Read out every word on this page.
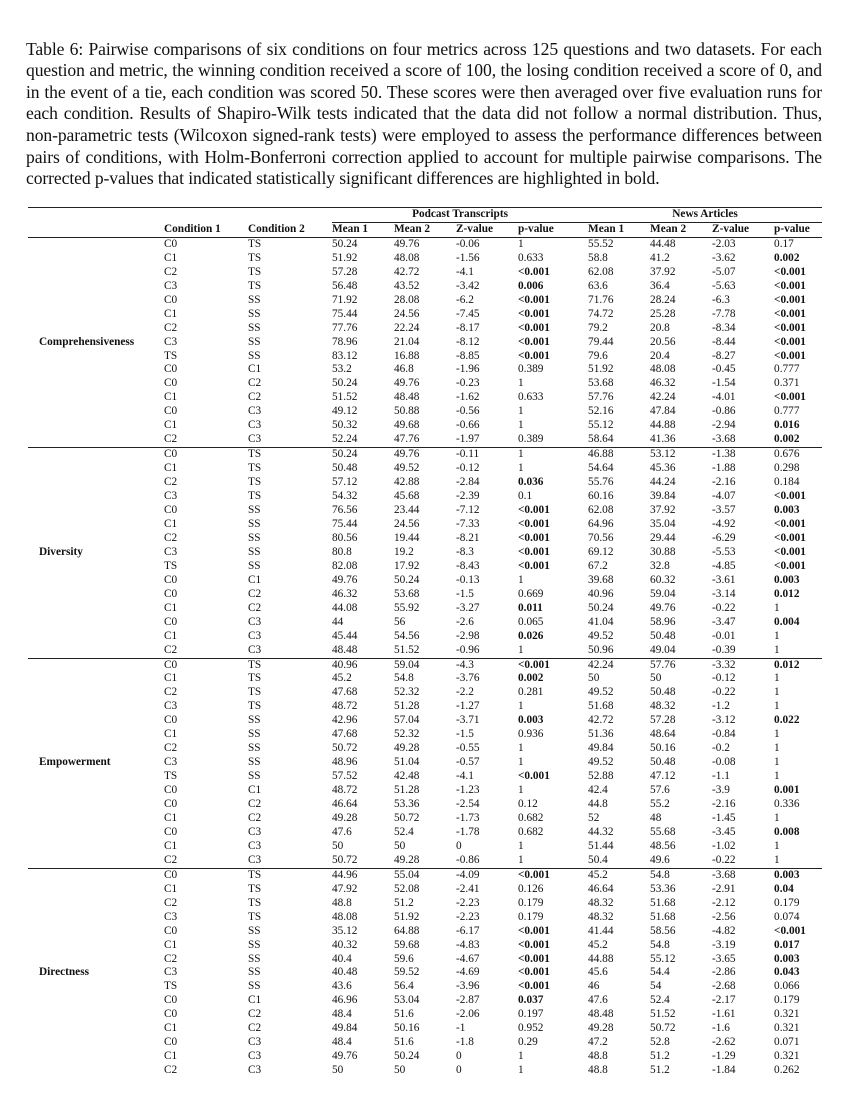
Table 6: Pairwise comparisons of six conditions on four metrics across 125 questions and two datasets. For each question and metric, the winning condition received a score of 100, the losing condition received a score of 0, and in the event of a tie, each condition was scored 50. These scores were then averaged over five evaluation runs for each condition. Results of Shapiro-Wilk tests indicated that the data did not follow a normal distribution. Thus, non-parametric tests (Wilcoxon signed-rank tests) were employed to assess the performance differences between pairs of conditions, with Holm-Bonferroni correction applied to account for multiple pairwise comparisons. The corrected p-values that indicated statistically significant differences are highlighted in bold.

			Podcast Transcripts				News Articles			
	Condition 1	Condition 2	Mean 1	Mean 2	Z-value	p-value	Mean 1	Mean 2	Z-value	p-value
	C0	TS	50.24	49.76	-0.06	1	55.52	44.48	-2.03	0.17
	C1	TS	51.92	48.08	-1.56	0.633	58.8	41.2	-3.62	0.002
	C2	TS	57.28	42.72	-4.1	<0.001	62.08	37.92	-5.07	<0.001
	C3	TS	56.48	43.52	-3.42	0.006	63.6	36.4	-5.63	<0.001
	C0	SS	71.92	28.08	-6.2	<0.001	71.76	28.24	-6.3	<0.001
	C1	SS	75.44	24.56	-7.45	<0.001	74.72	25.28	-7.78	<0.001
	C2	SS	77.76	22.24	-8.17	<0.001	79.2	20.8	-8.34	<0.001
Comprehensiveness	C3	SS	78.96	21.04	-8.12	<0.001	79.44	20.56	-8.44	<0.001
	TS	SS	83.12	16.88	-8.85	<0.001	79.6	20.4	-8.27	<0.001
	C0	C1	53.2	46.8	-1.96	0.389	51.92	48.08	-0.45	0.777
	C0	C2	50.24	49.76	-0.23	1	53.68	46.32	-1.54	0.371
	C1	C2	51.52	48.48	-1.62	0.633	57.76	42.24	-4.01	<0.001
	C0	C3	49.12	50.88	-0.56	1	52.16	47.84	-0.86	0.777
	C1	C3	50.32	49.68	-0.66	1	55.12	44.88	-2.94	0.016
	C2	C3	52.24	47.76	-1.97	0.389	58.64	41.36	-3.68	0.002
	C0	TS	50.24	49.76	-0.11	1	46.88	53.12	-1.38	0.676
	C1	TS	50.48	49.52	-0.12	1	54.64	45.36	-1.88	0.298
	C2	TS	57.12	42.88	-2.84	0.036	55.76	44.24	-2.16	0.184
	C3	TS	54.32	45.68	-2.39	0.1	60.16	39.84	-4.07	<0.001
	C0	SS	76.56	23.44	-7.12	<0.001	62.08	37.92	-3.57	0.003
	C1	SS	75.44	24.56	-7.33	<0.001	64.96	35.04	-4.92	<0.001
	C2	SS	80.56	19.44	-8.21	<0.001	70.56	29.44	-6.29	<0.001
Diversity	C3	SS	80.8	19.2	-8.3	<0.001	69.12	30.88	-5.53	<0.001
	TS	SS	82.08	17.92	-8.43	<0.001	67.2	32.8	-4.85	<0.001
	C0	C1	49.76	50.24	-0.13	1	39.68	60.32	-3.61	0.003
	C0	C2	46.32	53.68	-1.5	0.669	40.96	59.04	-3.14	0.012
	C1	C2	44.08	55.92	-3.27	0.011	50.24	49.76	-0.22	1
	C0	C3	44	56	-2.6	0.065	41.04	58.96	-3.47	0.004
	C1	C3	45.44	54.56	-2.98	0.026	49.52	50.48	-0.01	1
	C2	C3	48.48	51.52	-0.96	1	50.96	49.04	-0.39	1
	C0	TS	40.96	59.04	-4.3	<0.001	42.24	57.76	-3.32	0.012
	C1	TS	45.2	54.8	-3.76	0.002	50	50	-0.12	1
	C2	TS	47.68	52.32	-2.2	0.281	49.52	50.48	-0.22	1
	C3	TS	48.72	51.28	-1.27	1	51.68	48.32	-1.2	1
	C0	SS	42.96	57.04	-3.71	0.003	42.72	57.28	-3.12	0.022
	C1	SS	47.68	52.32	-1.5	0.936	51.36	48.64	-0.84	1
	C2	SS	50.72	49.28	-0.55	1	49.84	50.16	-0.2	1
Empowerment	C3	SS	48.96	51.04	-0.57	1	49.52	50.48	-0.08	1
	TS	SS	57.52	42.48	-4.1	<0.001	52.88	47.12	-1.1	1
	C0	C1	48.72	51.28	-1.23	1	42.4	57.6	-3.9	0.001
	C0	C2	46.64	53.36	-2.54	0.12	44.8	55.2	-2.16	0.336
	C1	C2	49.28	50.72	-1.73	0.682	52	48	-1.45	1
	C0	C3	47.6	52.4	-1.78	0.682	44.32	55.68	-3.45	0.008
	C1	C3	50	50	0	1	51.44	48.56	-1.02	1
	C2	C3	50.72	49.28	-0.86	1	50.4	49.6	-0.22	1
	C0	TS	44.96	55.04	-4.09	<0.001	45.2	54.8	-3.68	0.003
	C1	TS	47.92	52.08	-2.41	0.126	46.64	53.36	-2.91	0.04
	C2	TS	48.8	51.2	-2.23	0.179	48.32	51.68	-2.12	0.179
	C3	TS	48.08	51.92	-2.23	0.179	48.32	51.68	-2.56	0.074
	C0	SS	35.12	64.88	-6.17	<0.001	41.44	58.56	-4.82	<0.001
	C1	SS	40.32	59.68	-4.83	<0.001	45.2	54.8	-3.19	0.017
	C2	SS	40.4	59.6	-4.67	<0.001	44.88	55.12	-3.65	0.003
Directness	C3	SS	40.48	59.52	-4.69	<0.001	45.6	54.4	-2.86	0.043
	TS	SS	43.6	56.4	-3.96	<0.001	46	54	-2.68	0.066
	C0	C1	46.96	53.04	-2.87	0.037	47.6	52.4	-2.17	0.179
	C0	C2	48.4	51.6	-2.06	0.197	48.48	51.52	-1.61	0.321
	C1	C2	49.84	50.16	-1	0.952	49.28	50.72	-1.6	0.321
	C0	C3	48.4	51.6	-1.8	0.29	47.2	52.8	-2.62	0.071
	C1	C3	49.76	50.24	0	1	48.8	51.2	-1.29	0.321
	C2	C3	50	50	0	1	48.8	51.2	-1.84	0.262
